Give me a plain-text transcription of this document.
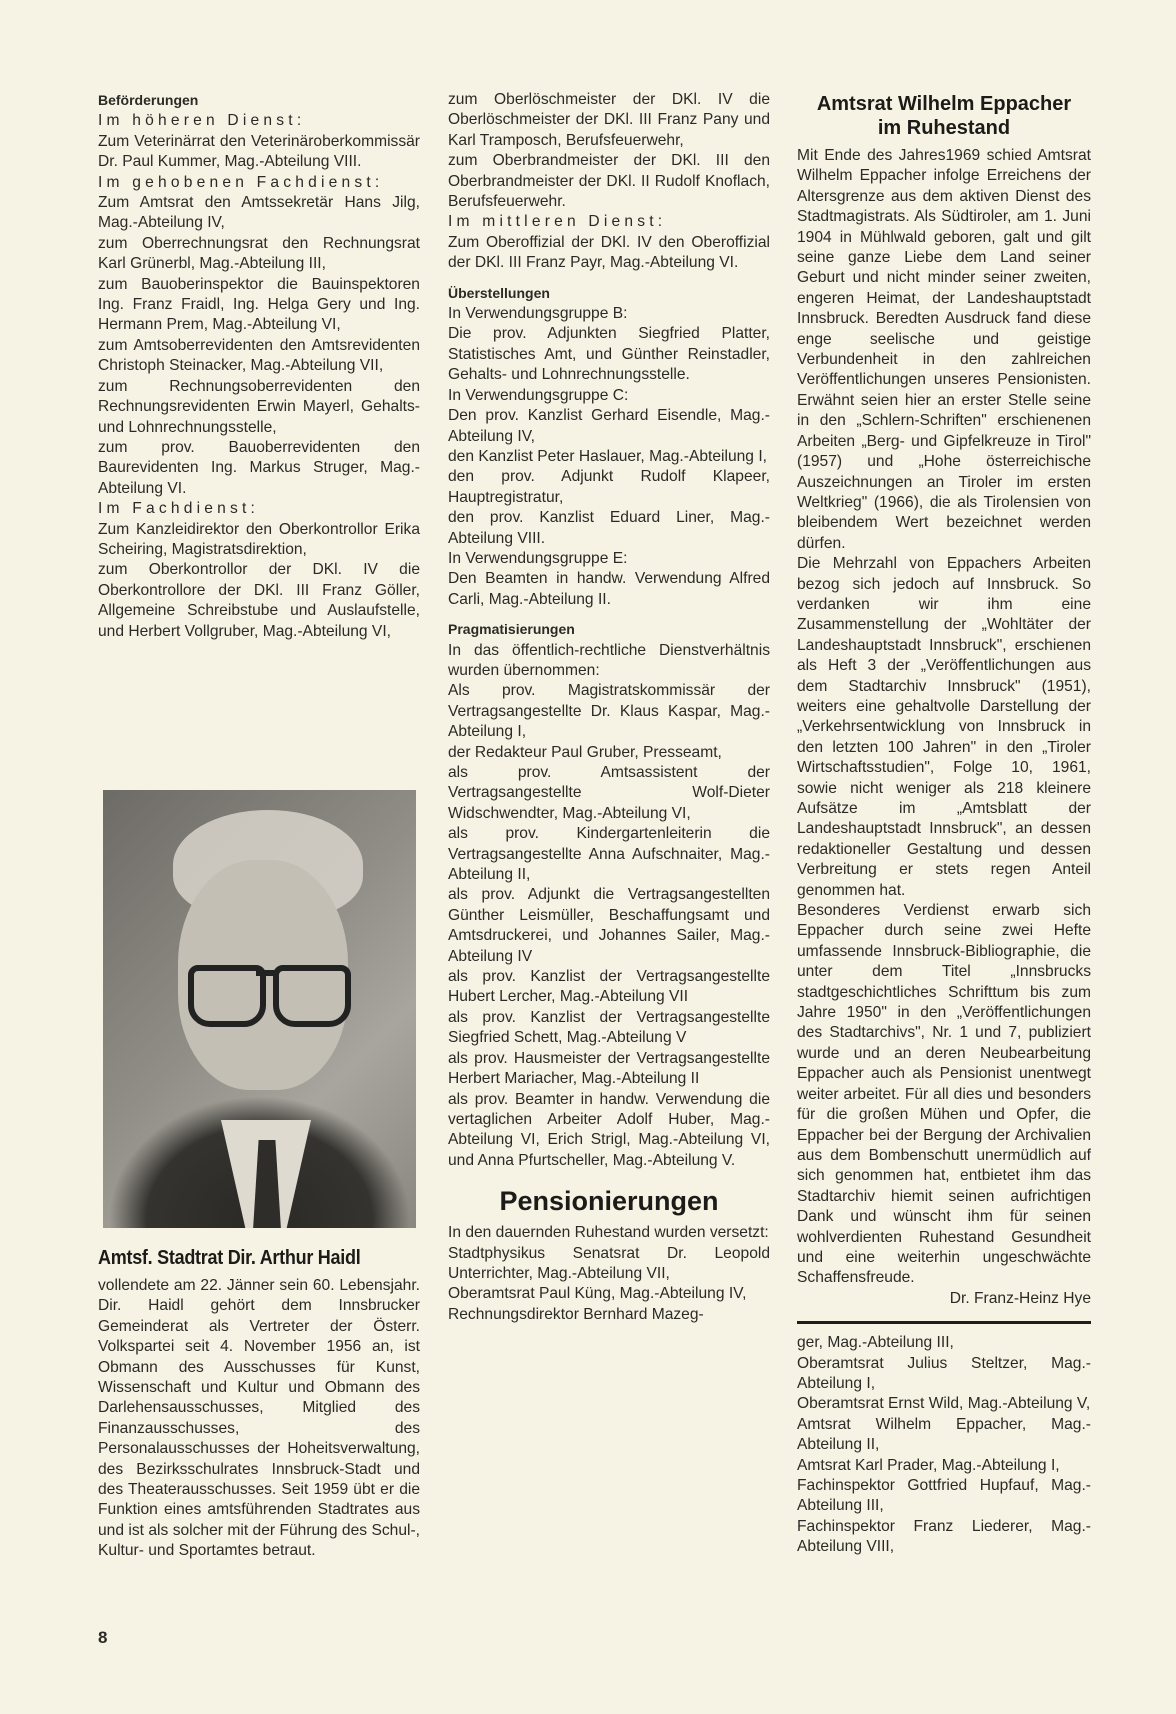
Beförderungen

Im höheren Dienst:

Zum Veterinärrat den Veterinäroberkommissär Dr. Paul Kummer, Mag.-Abteilung VIII.

Im gehobenen Fachdienst:

Zum Amtsrat den Amtssekretär Hans Jilg, Mag.-Abteilung IV,

zum Oberrechnungsrat den Rechnungsrat Karl Grünerbl, Mag.-Abteilung III,

zum Bauoberinspektor die Bauinspektoren Ing. Franz Fraidl, Ing. Helga Gery und Ing. Hermann Prem, Mag.-Abteilung VI,

zum Amtsoberrevidenten den Amtsrevidenten Christoph Steinacker, Mag.-Abteilung VII,

zum Rechnungsoberrevidenten den Rechnungsrevidenten Erwin Mayerl, Gehalts- und Lohnrechnungsstelle,

zum prov. Bauoberrevidenten den Baurevidenten Ing. Markus Struger, Mag.-Abteilung VI.

Im Fachdienst:

Zum Kanzleidirektor den Oberkontrollor Erika Scheiring, Magistratsdirektion,

zum Oberkontrollor der DKl. IV die Oberkontrollore der DKl. III Franz Göller, Allgemeine Schreibstube und Auslaufstelle, und Herbert Vollgruber, Mag.-Abteilung VI,

Amtsf. Stadtrat Dir. Arthur Haidl

vollendete am 22. Jänner sein 60. Lebensjahr. Dir. Haidl gehört dem Innsbrucker Gemeinderat als Vertreter der Österr. Volkspartei seit 4. November 1956 an, ist Obmann des Ausschusses für Kunst, Wissenschaft und Kultur und Obmann des Darlehensausschusses, Mitglied des Finanzausschusses, des Personalausschusses der Hoheitsverwaltung, des Bezirksschulrates Innsbruck-Stadt und des Theaterausschusses. Seit 1959 übt er die Funktion eines amtsführenden Stadtrates aus und ist als solcher mit der Führung des Schul-, Kultur- und Sportamtes betraut.

zum Oberlöschmeister der DKl. IV die Oberlöschmeister der DKl. III Franz Pany und Karl Tramposch, Berufsfeuerwehr,

zum Oberbrandmeister der DKl. III den Oberbrandmeister der DKl. II Rudolf Knoflach, Berufsfeuerwehr.

Im mittleren Dienst:

Zum Oberoffizial der DKl. IV den Oberoffizial der DKl. III Franz Payr, Mag.-Abteilung VI.

Überstellungen

In Verwendungsgruppe B:

Die prov. Adjunkten Siegfried Platter, Statistisches Amt, und Günther Reinstadler, Gehalts- und Lohnrechnungsstelle.

In Verwendungsgruppe C:

Den prov. Kanzlist Gerhard Eisendle, Mag.-Abteilung IV,

den Kanzlist Peter Haslauer, Mag.-Abteilung I,

den prov. Adjunkt Rudolf Klapeer, Hauptregistratur,

den prov. Kanzlist Eduard Liner, Mag.-Abteilung VIII.

In Verwendungsgruppe E:

Den Beamten in handw. Verwendung Alfred Carli, Mag.-Abteilung II.

Pragmatisierungen

In das öffentlich-rechtliche Dienstverhältnis wurden übernommen:

Als prov. Magistratskommissär der Vertragsangestellte Dr. Klaus Kaspar, Mag.-Abteilung I,

der Redakteur Paul Gruber, Presseamt,

als prov. Amtsassistent der Vertragsangestellte Wolf-Dieter Widschwendter, Mag.-Abteilung VI,

als prov. Kindergartenleiterin die Vertragsangestellte Anna Aufschnaiter, Mag.-Abteilung II,

als prov. Adjunkt die Vertragsangestellten Günther Leismüller, Beschaffungsamt und Amtsdruckerei, und Johannes Sailer, Mag.-Abteilung IV

als prov. Kanzlist der Vertragsangestellte Hubert Lercher, Mag.-Abteilung VII

als prov. Kanzlist der Vertragsangestellte Siegfried Schett, Mag.-Abteilung V

als prov. Hausmeister der Vertragsangestellte Herbert Mariacher, Mag.-Abteilung II

als prov. Beamter in handw. Verwendung die vertaglichen Arbeiter Adolf Huber, Mag.-Abteilung VI, Erich Strigl, Mag.-Abteilung VI, und Anna Pfurtscheller, Mag.-Abteilung V.

Pensionierungen

In den dauernden Ruhestand wurden versetzt:

Stadtphysikus Senatsrat Dr. Leopold Unterrichter, Mag.-Abteilung VII,

Oberamtsrat Paul Küng, Mag.-Abteilung IV,

Rechnungsdirektor Bernhard Mazeg-

Amtsrat Wilhelm Eppacher
im Ruhestand

Mit Ende des Jahres1969 schied Amtsrat Wilhelm Eppacher infolge Erreichens der Altersgrenze aus dem aktiven Dienst des Stadtmagistrats. Als Südtiroler, am 1. Juni 1904 in Mühlwald geboren, galt und gilt seine ganze Liebe dem Land seiner Geburt und nicht minder seiner zweiten, engeren Heimat, der Landeshauptstadt Innsbruck. Beredten Ausdruck fand diese enge seelische und geistige Verbundenheit in den zahlreichen Veröffentlichungen unseres Pensionisten. Erwähnt seien hier an erster Stelle seine in den „Schlern-Schriften" erschienenen Arbeiten „Berg- und Gipfelkreuze in Tirol" (1957) und „Hohe österreichische Auszeichnungen an Tiroler im ersten Weltkrieg" (1966), die als Tirolensien von bleibendem Wert bezeichnet werden dürfen.

Die Mehrzahl von Eppachers Arbeiten bezog sich jedoch auf Innsbruck. So verdanken wir ihm eine Zusammenstellung der „Wohltäter der Landeshauptstadt Innsbruck", erschienen als Heft 3 der „Veröffentlichungen aus dem Stadtarchiv Innsbruck" (1951), weiters eine gehaltvolle Darstellung der „Verkehrsentwicklung von Innsbruck in den letzten 100 Jahren" in den „Tiroler Wirtschaftsstudien", Folge 10, 1961, sowie nicht weniger als 218 kleinere Aufsätze im „Amtsblatt der Landeshauptstadt Innsbruck", an dessen redaktioneller Gestaltung und dessen Verbreitung er stets regen Anteil genommen hat.

Besonderes Verdienst erwarb sich Eppacher durch seine zwei Hefte umfassende Innsbruck-Bibliographie, die unter dem Titel „Innsbrucks stadtgeschichtliches Schrifttum bis zum Jahre 1950" in den „Veröffentlichungen des Stadtarchivs", Nr. 1 und 7, publiziert wurde und an deren Neubearbeitung Eppacher auch als Pensionist unentwegt weiter arbeitet. Für all dies und besonders für die großen Mühen und Opfer, die Eppacher bei der Bergung der Archivalien aus dem Bombenschutt unermüdlich auf sich genommen hat, entbietet ihm das Stadtarchiv hiemit seinen aufrichtigen Dank und wünscht ihm für seinen wohlverdienten Ruhestand Gesundheit und eine weiterhin ungeschwächte Schaffensfreude.

Dr. Franz-Heinz Hye

ger, Mag.-Abteilung III,

Oberamtsrat Julius Steltzer, Mag.-Abteilung I,

Oberamtsrat Ernst Wild, Mag.-Abteilung V,

Amtsrat Wilhelm Eppacher, Mag.-Abteilung II,

Amtsrat Karl Prader, Mag.-Abteilung I,

Fachinspektor Gottfried Hupfauf, Mag.-Abteilung III,

Fachinspektor Franz Liederer, Mag.-Abteilung VIII,

8
